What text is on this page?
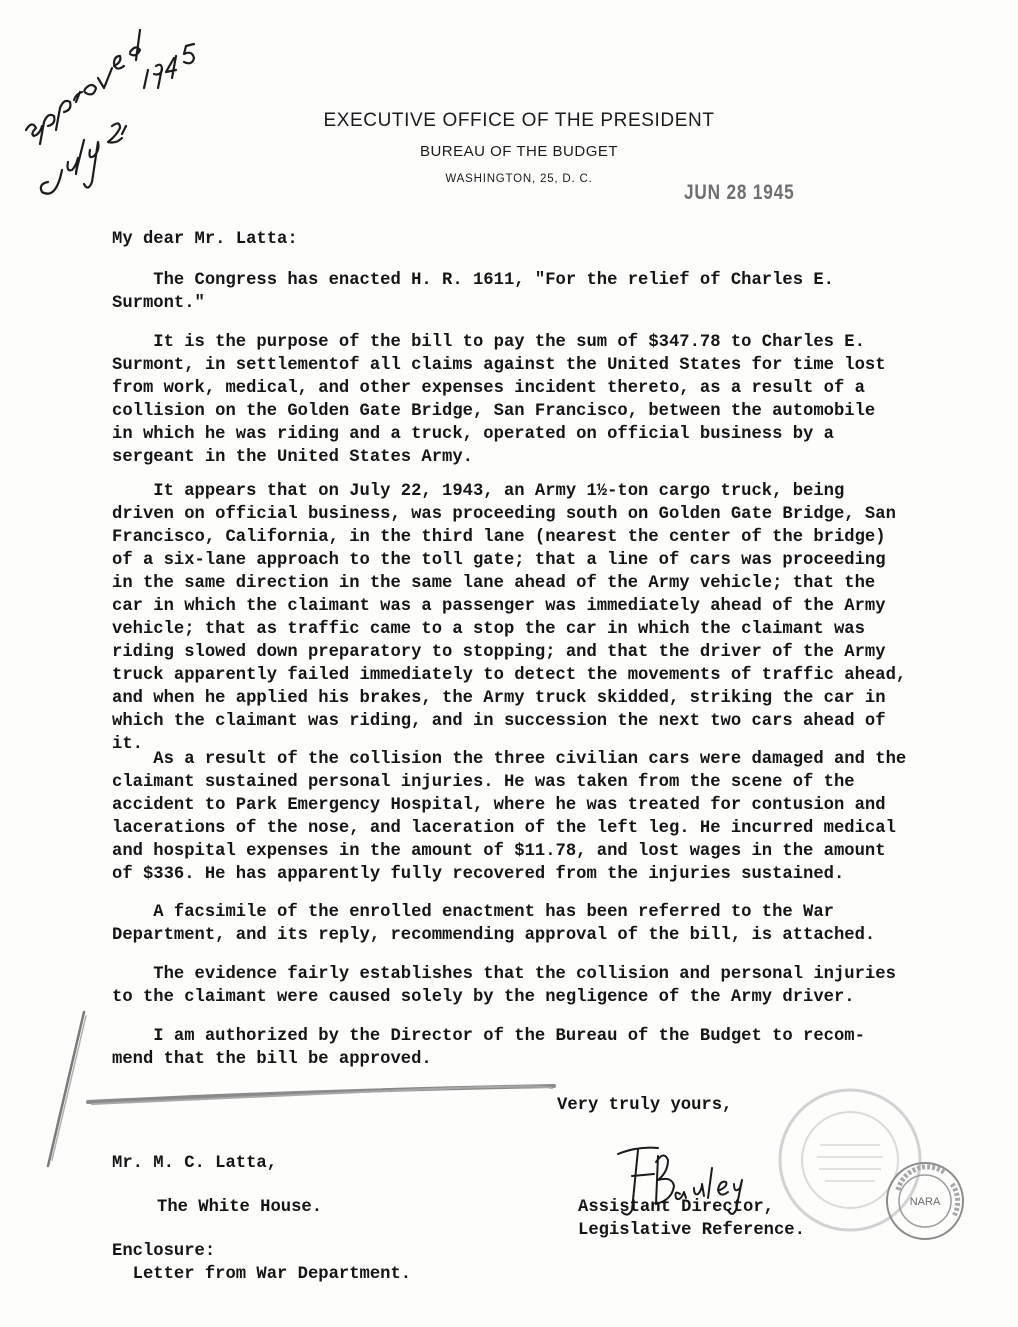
EXECUTIVE OFFICE OF THE PRESIDENT
BUREAU OF THE BUDGET
WASHINGTON, 25, D. C.
JUN 28 1945
My dear Mr. Latta:
The Congress has enacted H. R. 1611, "For the relief of Charles E.
Surmont."
It is the purpose of the bill to pay the sum of $347.78 to Charles E.
Surmont, in settlementof all claims against the United States for time lost
from work, medical, and other expenses incident thereto, as a result of a
collision on the Golden Gate Bridge, San Francisco, between the automobile
in which he was riding and a truck, operated on official business by a
sergeant in the United States Army.
It appears that on July 22, 1943, an Army 1½-ton cargo truck, being
driven on official business, was proceeding south on Golden Gate Bridge, San
Francisco, California, in the third lane (nearest the center of the bridge)
of a six-lane approach to the toll gate; that a line of cars was proceeding
in the same direction in the same lane ahead of the Army vehicle; that the
car in which the claimant was a passenger was immediately ahead of the Army
vehicle; that as traffic came to a stop the car in which the claimant was
riding slowed down preparatory to stopping; and that the driver of the Army
truck apparently failed immediately to detect the movements of traffic ahead,
and when he applied his brakes, the Army truck skidded, striking the car in
which the claimant was riding, and in succession the next two cars ahead of
it.
As a result of the collision the three civilian cars were damaged and the
claimant sustained personal injuries. He was taken from the scene of the
accident to Park Emergency Hospital, where he was treated for contusion and
lacerations of the nose, and laceration of the left leg. He incurred medical
and hospital expenses in the amount of $11.78, and lost wages in the amount
of $336. He has apparently fully recovered from the injuries sustained.
A facsimile of the enrolled enactment has been referred to the War
Department, and its reply, recommending approval of the bill, is attached.
The evidence fairly establishes that the collision and personal injuries
to the claimant were caused solely by the negligence of the Army driver.
I am authorized by the Director of the Bureau of the Budget to recom-
mend that the bill be approved.
Very truly yours,
Assistant Director,
Legislative Reference.
Mr. M. C. Latta,
The White House.
Enclosure:
Letter from War Department.
NARA
